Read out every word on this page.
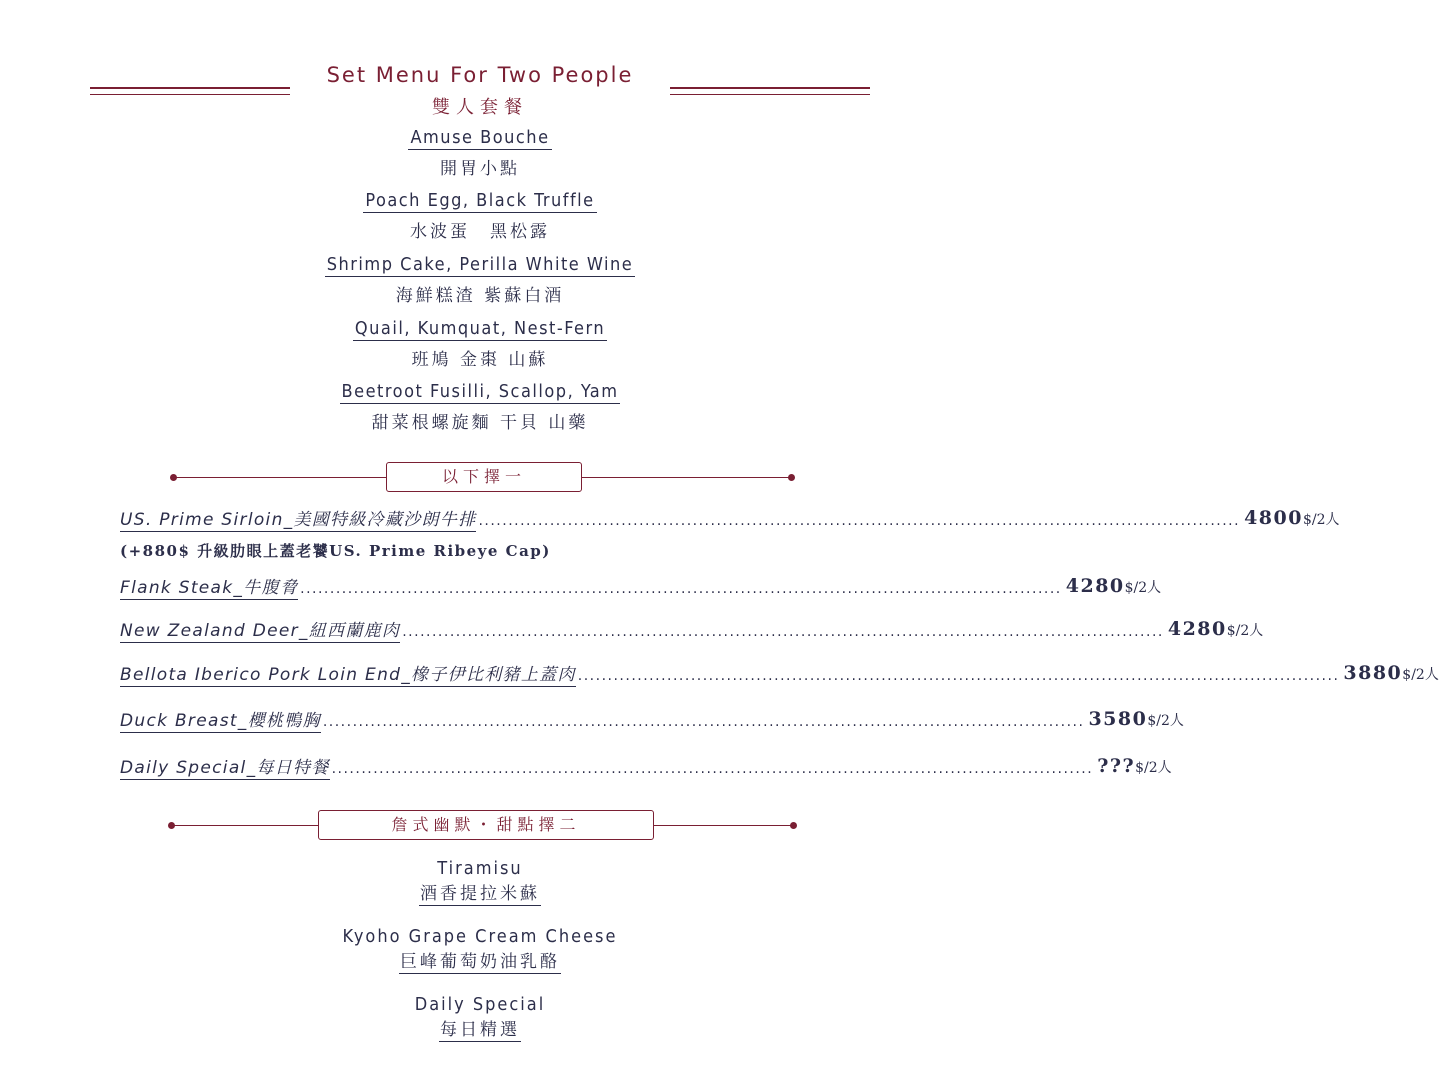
Set Menu For Two People
雙人套餐
Amuse Bouche
開胃小點
Poach Egg, Black Truffle
水波蛋　黑松露
Shrimp Cake, Perilla White Wine
海鮮糕渣 紫蘇白酒
Quail, Kumquat, Nest-Fern
班鳩 金棗 山蘇
Beetroot Fusilli, Scallop, Yam
甜菜根螺旋麵 干貝 山藥
以下擇一
US. Prime Sirloin_美國特級冷藏沙朗牛排 ................................................................................................................................ 4800$/2人
(+880$ 升級肋眼上蓋老饕US. Prime Ribeye Cap)
Flank Steak_牛腹脅 ................................................................................................................................ 4280$/2人
New Zealand Deer_紐西蘭鹿肉 ................................................................................................................................ 4280$/2人
Bellota Iberico Pork Loin End_橡子伊比利豬上蓋肉 ................................................................................................................................ 3880$/2人
Duck Breast_櫻桃鴨胸 ................................................................................................................................ 3580$/2人
Daily Special_每日特餐 ................................................................................................................................ ???$/2人
詹式幽默・甜點擇二
Tiramisu
酒香提拉米蘇
Kyoho Grape Cream Cheese
巨峰葡萄奶油乳酪
Daily Special
每日精選
